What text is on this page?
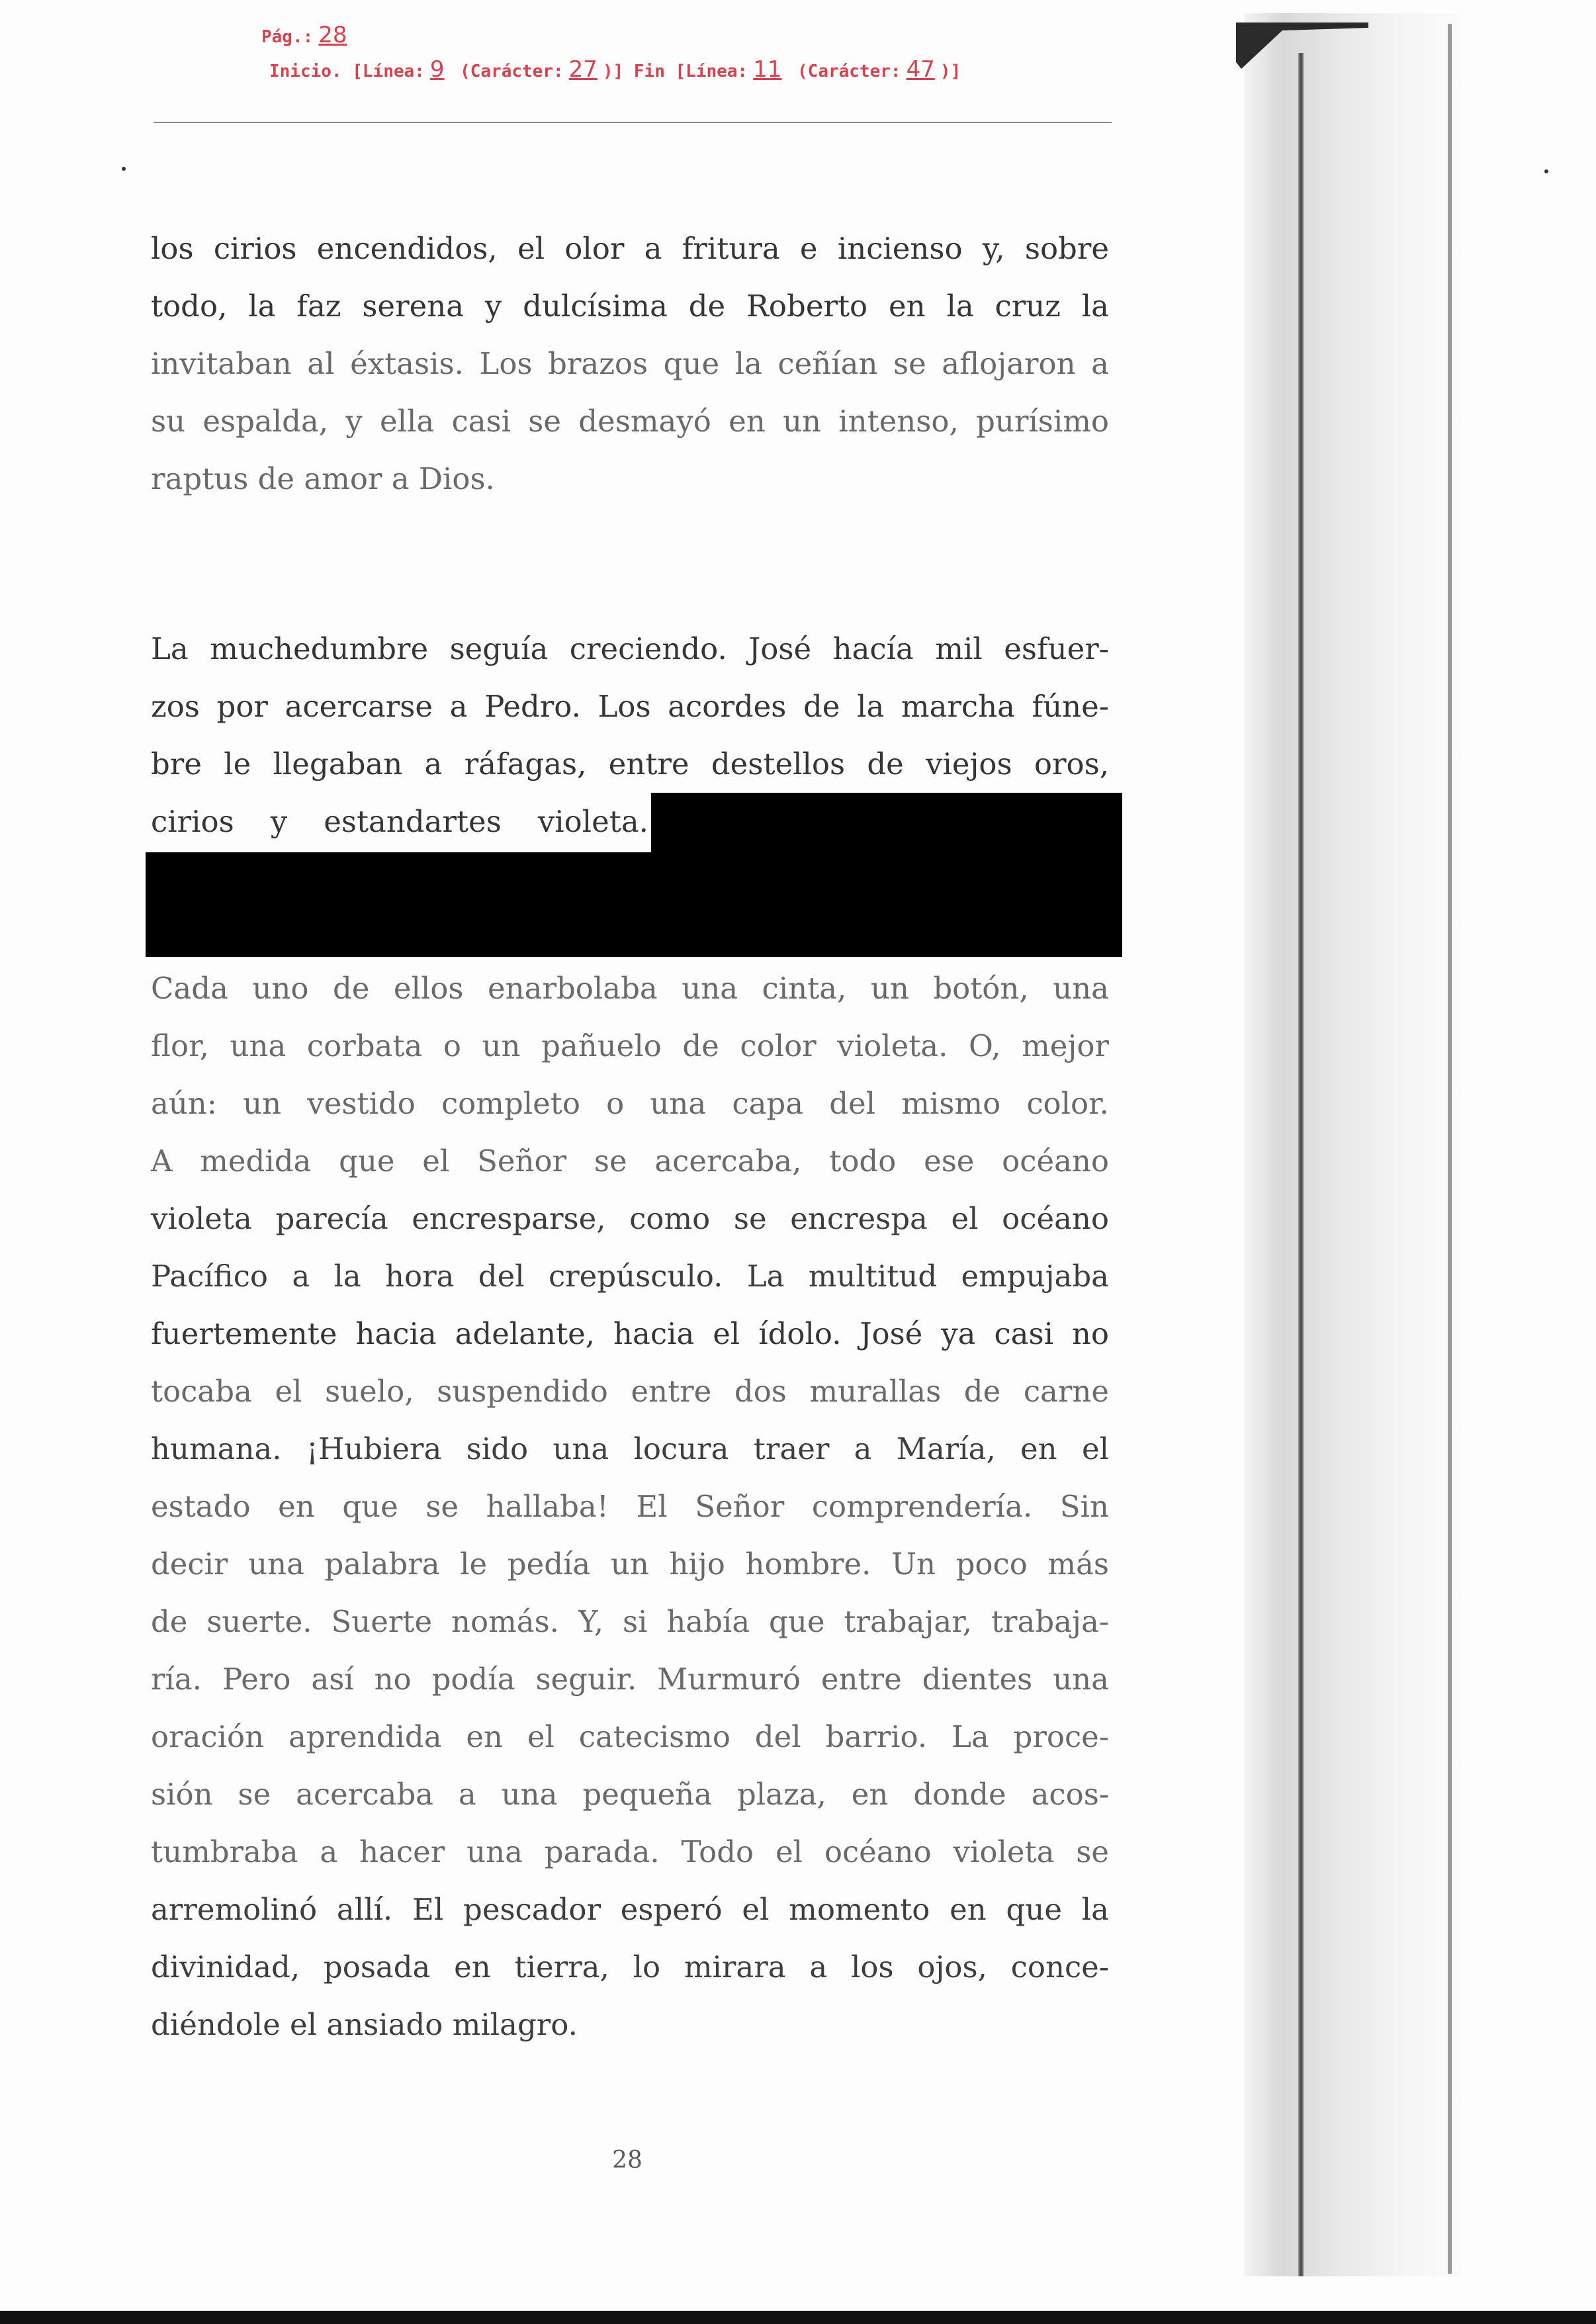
Pág.: 28
Inicio. [Línea: 9 (Carácter: 27 )] Fin [Línea: 11 (Carácter: 47 )]
los cirios encendidos, el olor a fritura e incienso y, sobre
todo, la faz serena y dulcísima de Roberto en la cruz la
invitaban al éxtasis. Los brazos que la ceñían se aflojaron a
su espalda, y ella casi se desmayó en un intenso, purísimo
raptus de amor a Dios.
La muchedumbre seguía creciendo. José hacía mil esfuer-
zos por acercarse a Pedro. Los acordes de la marcha fúne-
bre le llegaban a ráfagas, entre destellos de viejos oros,
cirios y estandartes violeta.
Cada uno de ellos enarbolaba una cinta, un botón, una
flor, una corbata o un pañuelo de color violeta. O, mejor
aún: un vestido completo o una capa del mismo color.
A medida que el Señor se acercaba, todo ese océano
violeta parecía encresparse, como se encrespa el océano
Pacífico a la hora del crepúsculo. La multitud empujaba
fuertemente hacia adelante, hacia el ídolo. José ya casi no
tocaba el suelo, suspendido entre dos murallas de carne
humana. ¡Hubiera sido una locura traer a María, en el
estado en que se hallaba! El Señor comprendería. Sin
decir una palabra le pedía un hijo hombre. Un poco más
de suerte. Suerte nomás. Y, si había que trabajar, trabaja-
ría. Pero así no podía seguir. Murmuró entre dientes una
oración aprendida en el catecismo del barrio. La proce-
sión se acercaba a una pequeña plaza, en donde acos-
tumbraba a hacer una parada. Todo el océano violeta se
arremolinó allí. El pescador esperó el momento en que la
divinidad, posada en tierra, lo mirara a los ojos, conce-
diéndole el ansiado milagro.
28
